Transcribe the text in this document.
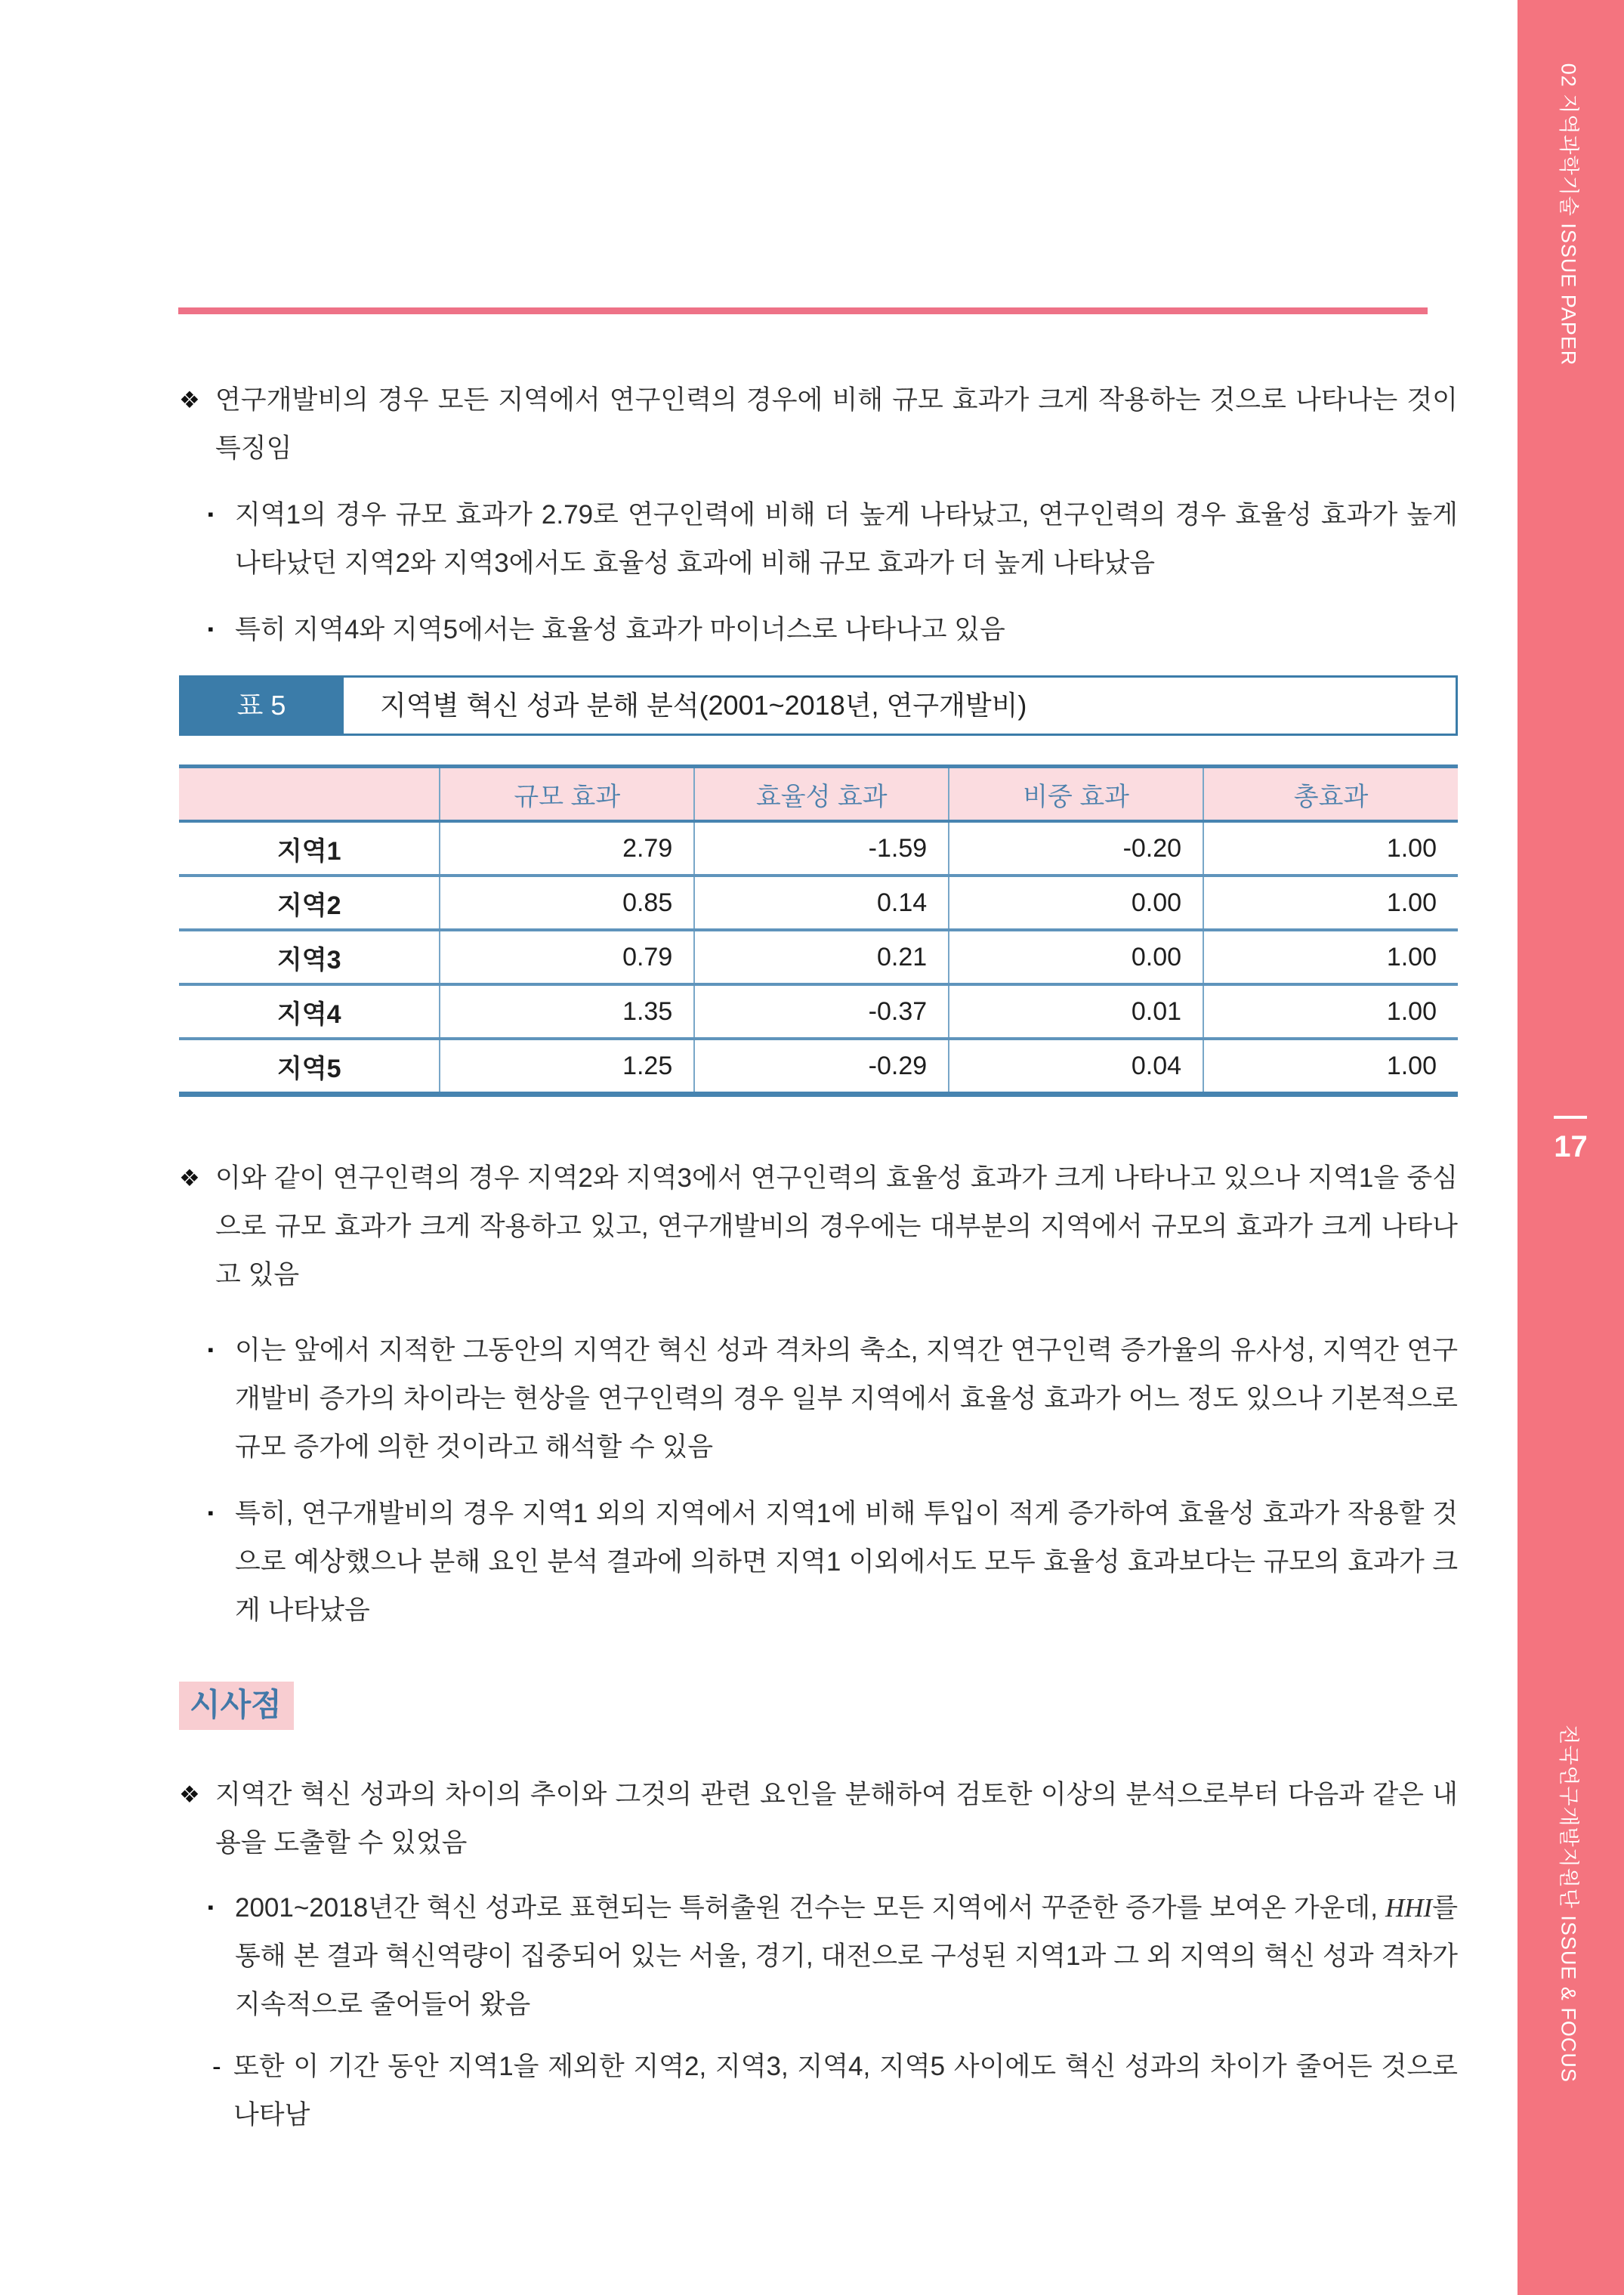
02 지역과학기술 ISSUE PAPER
17
전국연구개발지원단 ISSUE & FOCUS
❖ 연구개발비의 경우 모든 지역에서 연구인력의 경우에 비해 규모 효과가 크게 작용하는 것으로 나타나는 것이 특징임
▪ 지역1의 경우 규모 효과가 2.79로 연구인력에 비해 더 높게 나타났고, 연구인력의 경우 효율성 효과가 높게 나타났던 지역2와 지역3에서도 효율성 효과에 비해 규모 효과가 더 높게 나타났음
▪ 특히 지역4와 지역5에서는 효율성 효과가 마이너스로 나타나고 있음
표 5	지역별 혁신 성과 분해 분석(2001~2018년, 연구개발비)
	규모 효과	효율성 효과	비중 효과	총효과
지역1	2.79	-1.59	-0.20	1.00
지역2	0.85	0.14	0.00	1.00
지역3	0.79	0.21	0.00	1.00
지역4	1.35	-0.37	0.01	1.00
지역5	1.25	-0.29	0.04	1.00
❖ 이와 같이 연구인력의 경우 지역2와 지역3에서 연구인력의 효율성 효과가 크게 나타나고 있으나 지역1을 중심으로 규모 효과가 크게 작용하고 있고, 연구개발비의 경우에는 대부분의 지역에서 규모의 효과가 크게 나타나고 있음
▪ 이는 앞에서 지적한 그동안의 지역간 혁신 성과 격차의 축소, 지역간 연구인력 증가율의 유사성, 지역간 연구개발비 증가의 차이라는 현상을 연구인력의 경우 일부 지역에서 효율성 효과가 어느 정도 있으나 기본적으로 규모 증가에 의한 것이라고 해석할 수 있음
▪ 특히, 연구개발비의 경우 지역1 외의 지역에서 지역1에 비해 투입이 적게 증가하여 효율성 효과가 작용할 것으로 예상했으나 분해 요인 분석 결과에 의하면 지역1 이외에서도 모두 효율성 효과보다는 규모의 효과가 크게 나타났음
시사점
❖ 지역간 혁신 성과의 차이의 추이와 그것의 관련 요인을 분해하여 검토한 이상의 분석으로부터 다음과 같은 내용을 도출할 수 있었음
▪ 2001~2018년간 혁신 성과로 표현되는 특허출원 건수는 모든 지역에서 꾸준한 증가를 보여온 가운데, HHI를 통해 본 결과 혁신역량이 집중되어 있는 서울, 경기, 대전으로 구성된 지역1과 그 외 지역의 혁신 성과 격차가 지속적으로 줄어들어 왔음
- 또한 이 기간 동안 지역1을 제외한 지역2, 지역3, 지역4, 지역5 사이에도 혁신 성과의 차이가 줄어든 것으로 나타남
